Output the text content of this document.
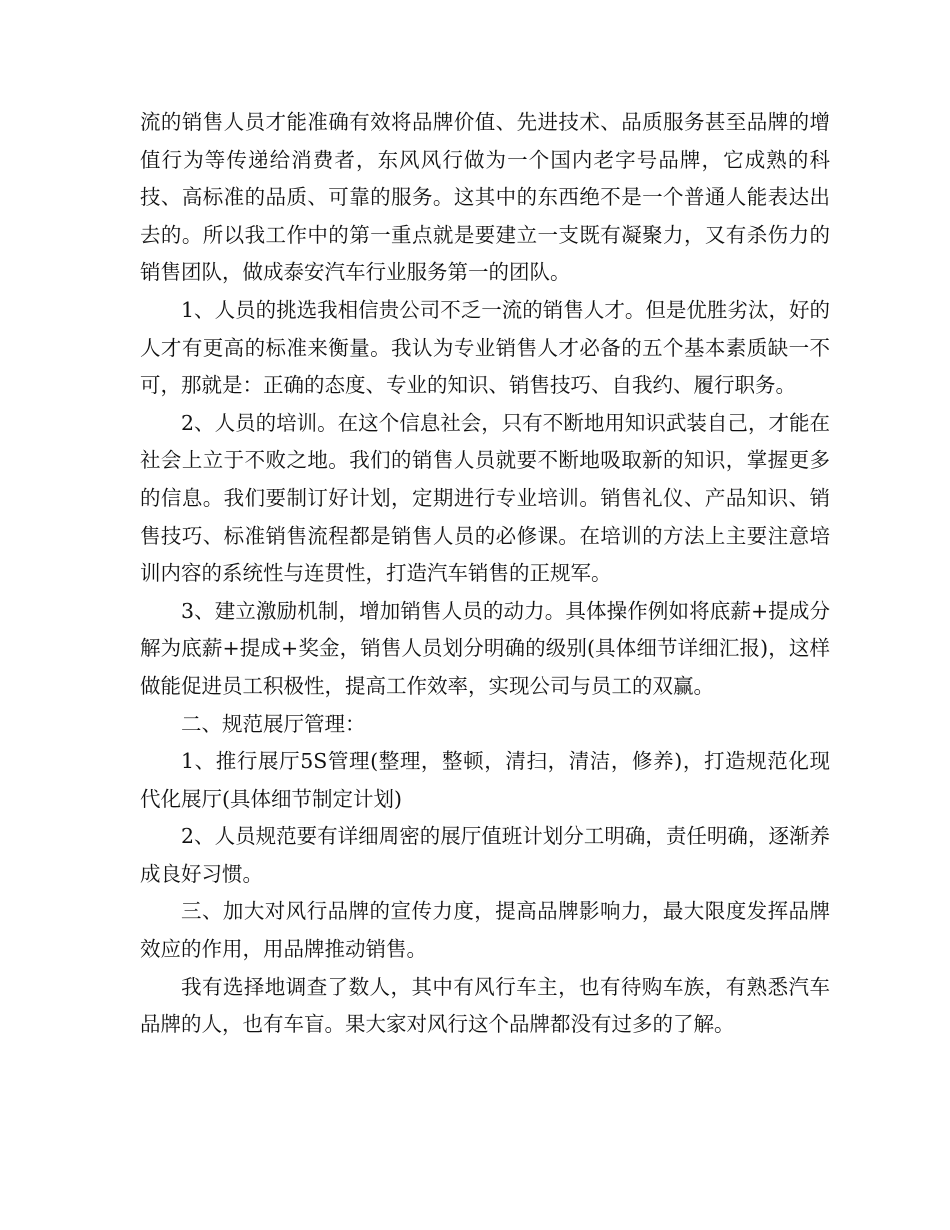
流的销售人员才能准确有效将品牌价值、先进技术、品质服务甚至品牌的增值行为等传递给消费者，东风风行做为一个国内老字号品牌，它成熟的科技、高标准的品质、可靠的服务。这其中的东西绝不是一个普通人能表达出去的。所以我工作中的第一重点就是要建立一支既有凝聚力，又有杀伤力的销售团队，做成泰安汽车行业服务第一的团队。

1、人员的挑选我相信贵公司不乏一流的销售人才。但是优胜劣汰，好的人才有更高的标准来衡量。我认为专业销售人才必备的五个基本素质缺一不可，那就是：正确的态度、专业的知识、销售技巧、自我约、履行职务。

2、人员的培训。在这个信息社会，只有不断地用知识武装自己，才能在社会上立于不败之地。我们的销售人员就要不断地吸取新的知识，掌握更多的信息。我们要制订好计划，定期进行专业培训。销售礼仪、产品知识、销售技巧、标准销售流程都是销售人员的必修课。在培训的方法上主要注意培训内容的系统性与连贯性，打造汽车销售的正规军。

3、建立激励机制，增加销售人员的动力。具体操作例如将底薪+提成分解为底薪+提成+奖金，销售人员划分明确的级别(具体细节详细汇报)，这样做能促进员工积极性，提高工作效率，实现公司与员工的双赢。

二、规范展厅管理：

1、推行展厅5S管理(整理，整顿，清扫，清洁，修养)，打造规范化现代化展厅(具体细节制定计划)

2、人员规范要有详细周密的展厅值班计划分工明确，责任明确，逐渐养成良好习惯。

三、加大对风行品牌的宣传力度，提高品牌影响力，最大限度发挥品牌效应的作用，用品牌推动销售。

我有选择地调查了数人，其中有风行车主，也有待购车族，有熟悉汽车品牌的人，也有车盲。果大家对风行这个品牌都没有过多的了解。
